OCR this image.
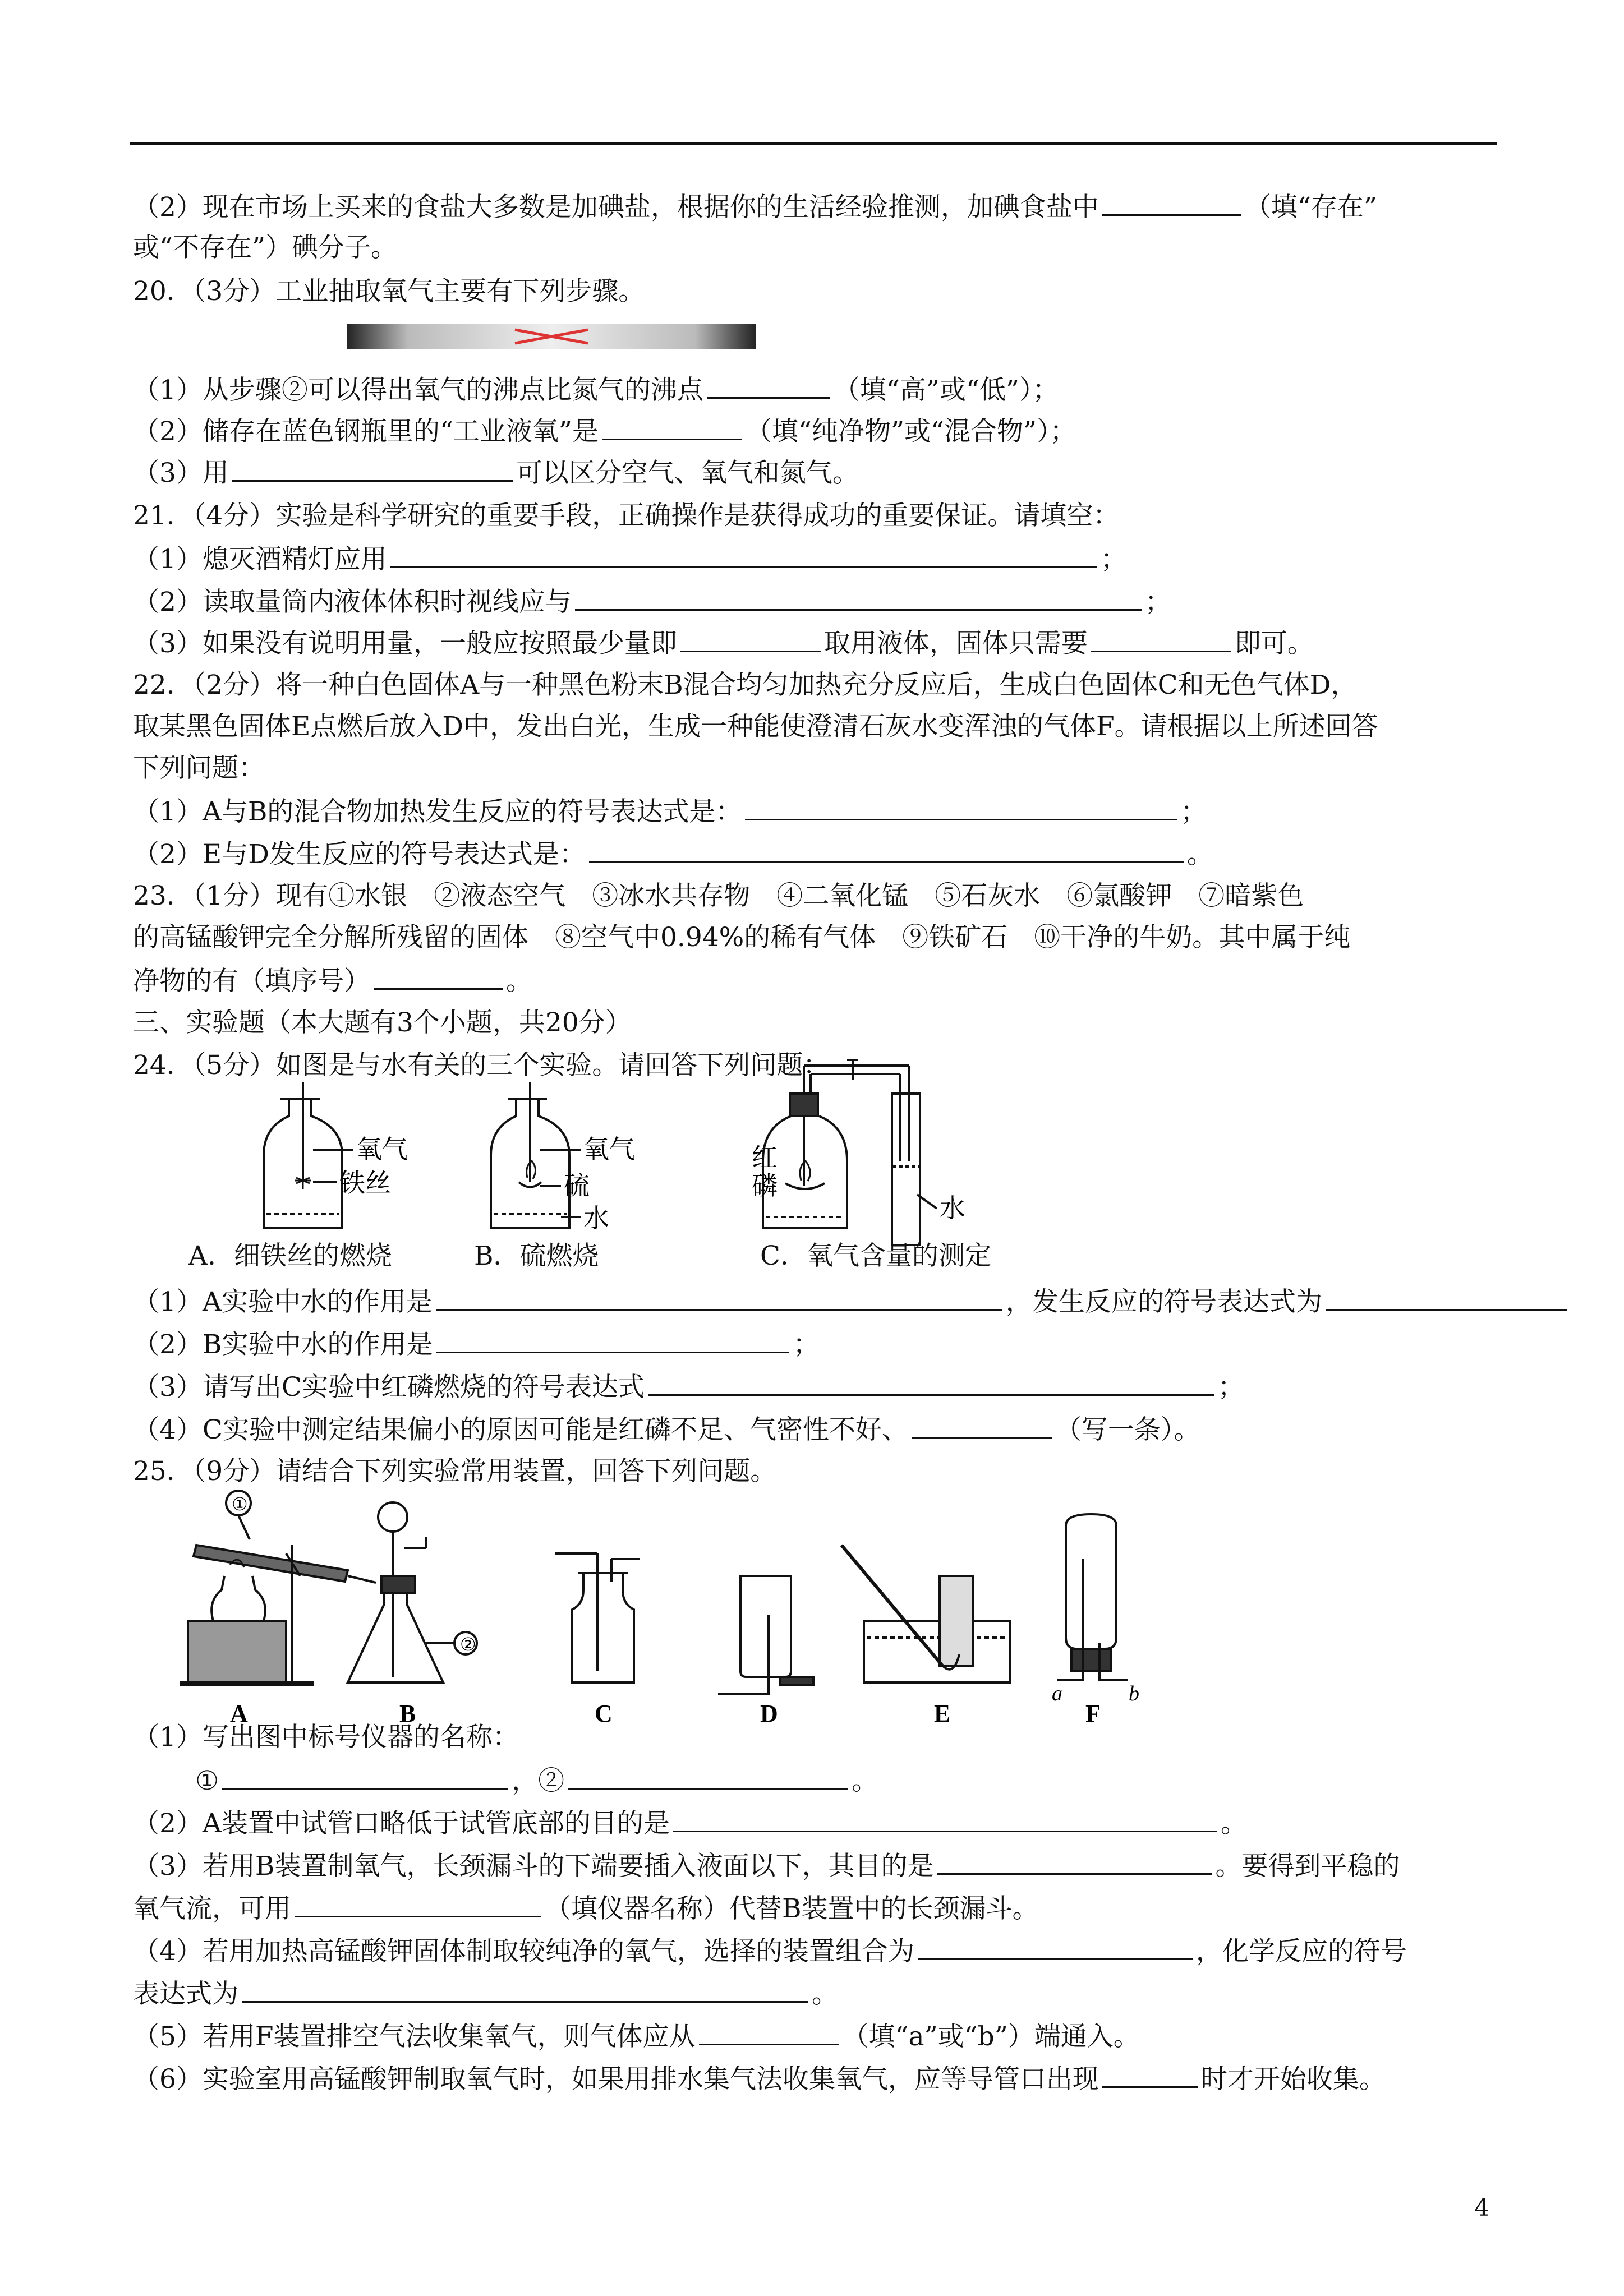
（2）现在市场上买来的食盐大多数是加碘盐，根据你的生活经验推测，加碘食盐中	（填“存在”
或“不存在”）碘分子。
20．（3分）工业抽取氧气主要有下列步骤。
（1）从步骤②可以得出氧气的沸点比氮气的沸点	（填“高”或“低”）；
（2）储存在蓝色钢瓶里的“工业液氧”是	（填“纯净物”或“混合物”）；
（3）用	可以区分空气、氧气和氮气。
21．（4分）实验是科学研究的重要手段，正确操作是获得成功的重要保证。请填空：
（1）熄灭酒精灯应用	；
（2）读取量筒内液体体积时视线应与	；
（3）如果没有说明用量，一般应按照最少量即	取用液体，固体只需要	即可。
22．（2分）将一种白色固体A与一种黑色粉末B混合均匀加热充分反应后，生成白色固体C和无色气体D，
取某黑色固体E点燃后放入D中，发出白光，生成一种能使澄清石灰水变浑浊的气体F。请根据以上所述回答
下列问题：
（1）A与B的混合物加热发生反应的符号表达式是：	；
（2）E与D发生反应的符号表达式是：	。
23．（1分）现有①水银　②液态空气　③冰水共存物　④二氧化锰　⑤石灰水　⑥氯酸钾　⑦暗紫色
的高锰酸钾完全分解所残留的固体　⑧空气中0.94%的稀有气体　⑨铁矿石　⑩干净的牛奶。其中属于纯
净物的有（填序号）	。
三、实验题（本大题有3个小题，共20分）
24．（5分）如图是与水有关的三个实验。请回答下列问题：
氧气
铁丝
氧气
硫
水
红
磷
水
A．细铁丝的燃烧	B．硫燃烧	C．氧气含量的测定
（1）A实验中水的作用是	，发生反应的符号表达式为
（2）B实验中水的作用是	；
（3）请写出C实验中红磷燃烧的符号表达式	；
（4）C实验中测定结果偏小的原因可能是红磷不足、气密性不好、	（写一条）。
25．（9分）请结合下列实验常用装置，回答下列问题。
①
A
②
B	C	D	E
a	b
F
（1）写出图中标号仪器的名称：
①	，②	。
（2）A装置中试管口略低于试管底部的目的是	。
（3）若用B装置制氧气，长颈漏斗的下端要插入液面以下，其目的是	。要得到平稳的
氧气流，可用	（填仪器名称）代替B装置中的长颈漏斗。
（4）若用加热高锰酸钾固体制取较纯净的氧气，选择的装置组合为	，化学反应的符号
表达式为	。
（5）若用F装置排空气法收集氧气，则气体应从	（填“a”或“b”）端通入。
（6）实验室用高锰酸钾制取氧气时，如果用排水集气法收集氧气，应等导管口出现	时才开始收集。
4
